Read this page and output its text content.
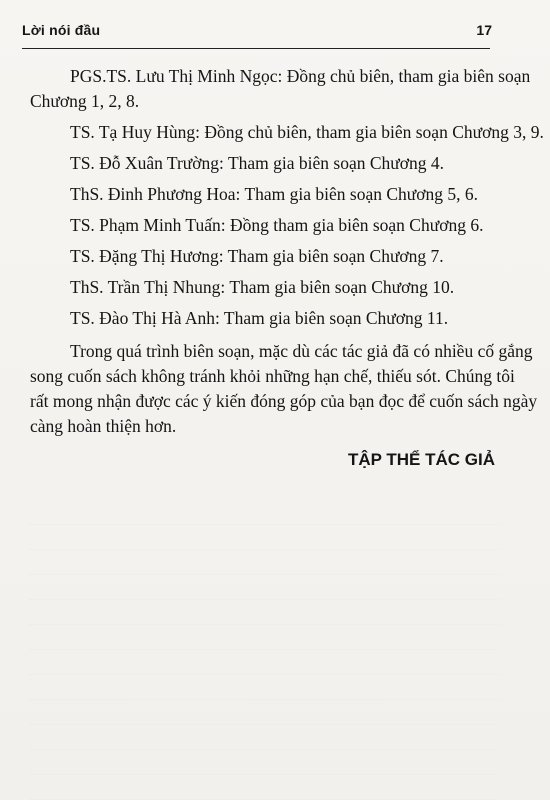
Lời nói đầu	17
PGS.TS. Lưu Thị Minh Ngọc: Đồng chủ biên, tham gia biên soạn
Chương 1, 2, 8.
TS. Tạ Huy Hùng: Đồng chủ biên, tham gia biên soạn Chương 3, 9.
TS. Đỗ Xuân Trường: Tham gia biên soạn Chương 4.
ThS. Đinh Phương Hoa: Tham gia biên soạn Chương 5, 6.
TS. Phạm Minh Tuấn: Đồng tham gia biên soạn Chương 6.
TS. Đặng Thị Hương: Tham gia biên soạn Chương 7.
ThS. Trần Thị Nhung: Tham gia biên soạn Chương 10.
TS. Đào Thị Hà Anh: Tham gia biên soạn Chương 11.
Trong quá trình biên soạn, mặc dù các tác giả đã có nhiều cố gắng
song cuốn sách không tránh khỏi những hạn chế, thiếu sót. Chúng tôi
rất mong nhận được các ý kiến đóng góp của bạn đọc để cuốn sách ngày
càng hoàn thiện hơn.
TẬP THỂ TÁC GIẢ
